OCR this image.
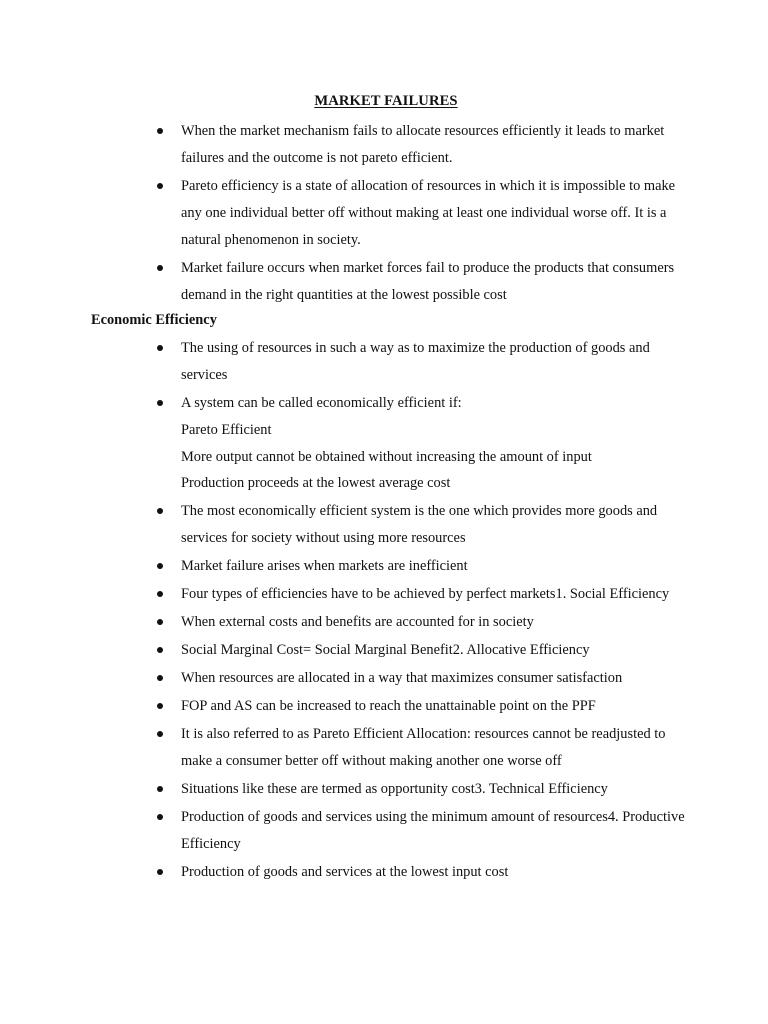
MARKET FAILURES
When the market mechanism fails to allocate resources efficiently it leads to market failures and the outcome is not pareto efficient.
Pareto efficiency is a state of allocation of resources in which it is impossible to make any one individual better off without making at least one individual worse off. It is a natural phenomenon in society.
Market failure occurs when market forces fail to produce the products that consumers demand in the right quantities at the lowest possible cost
Economic Efficiency
The using of resources in such a way as to maximize the production of goods and services
A system can be called economically efficient if:
Pareto Efficient
More output cannot be obtained without increasing the amount of input
Production proceeds at the lowest average cost
The most economically efficient system is the one which provides more goods and services for society without using more resources
Market failure arises when markets are inefficient
Four types of efficiencies have to be achieved by perfect markets1. Social Efficiency
When external costs and benefits are accounted for in society
Social Marginal Cost= Social Marginal Benefit2. Allocative Efficiency
When resources are allocated in a way that maximizes consumer satisfaction
FOP and AS can be increased to reach the unattainable point on the PPF
It is also referred to as Pareto Efficient Allocation: resources cannot be readjusted to make a consumer better off without making another one worse off
Situations like these are termed as opportunity cost3. Technical Efficiency
Production of goods and services using the minimum amount of resources4. Productive Efficiency
Production of goods and services at the lowest input cost
